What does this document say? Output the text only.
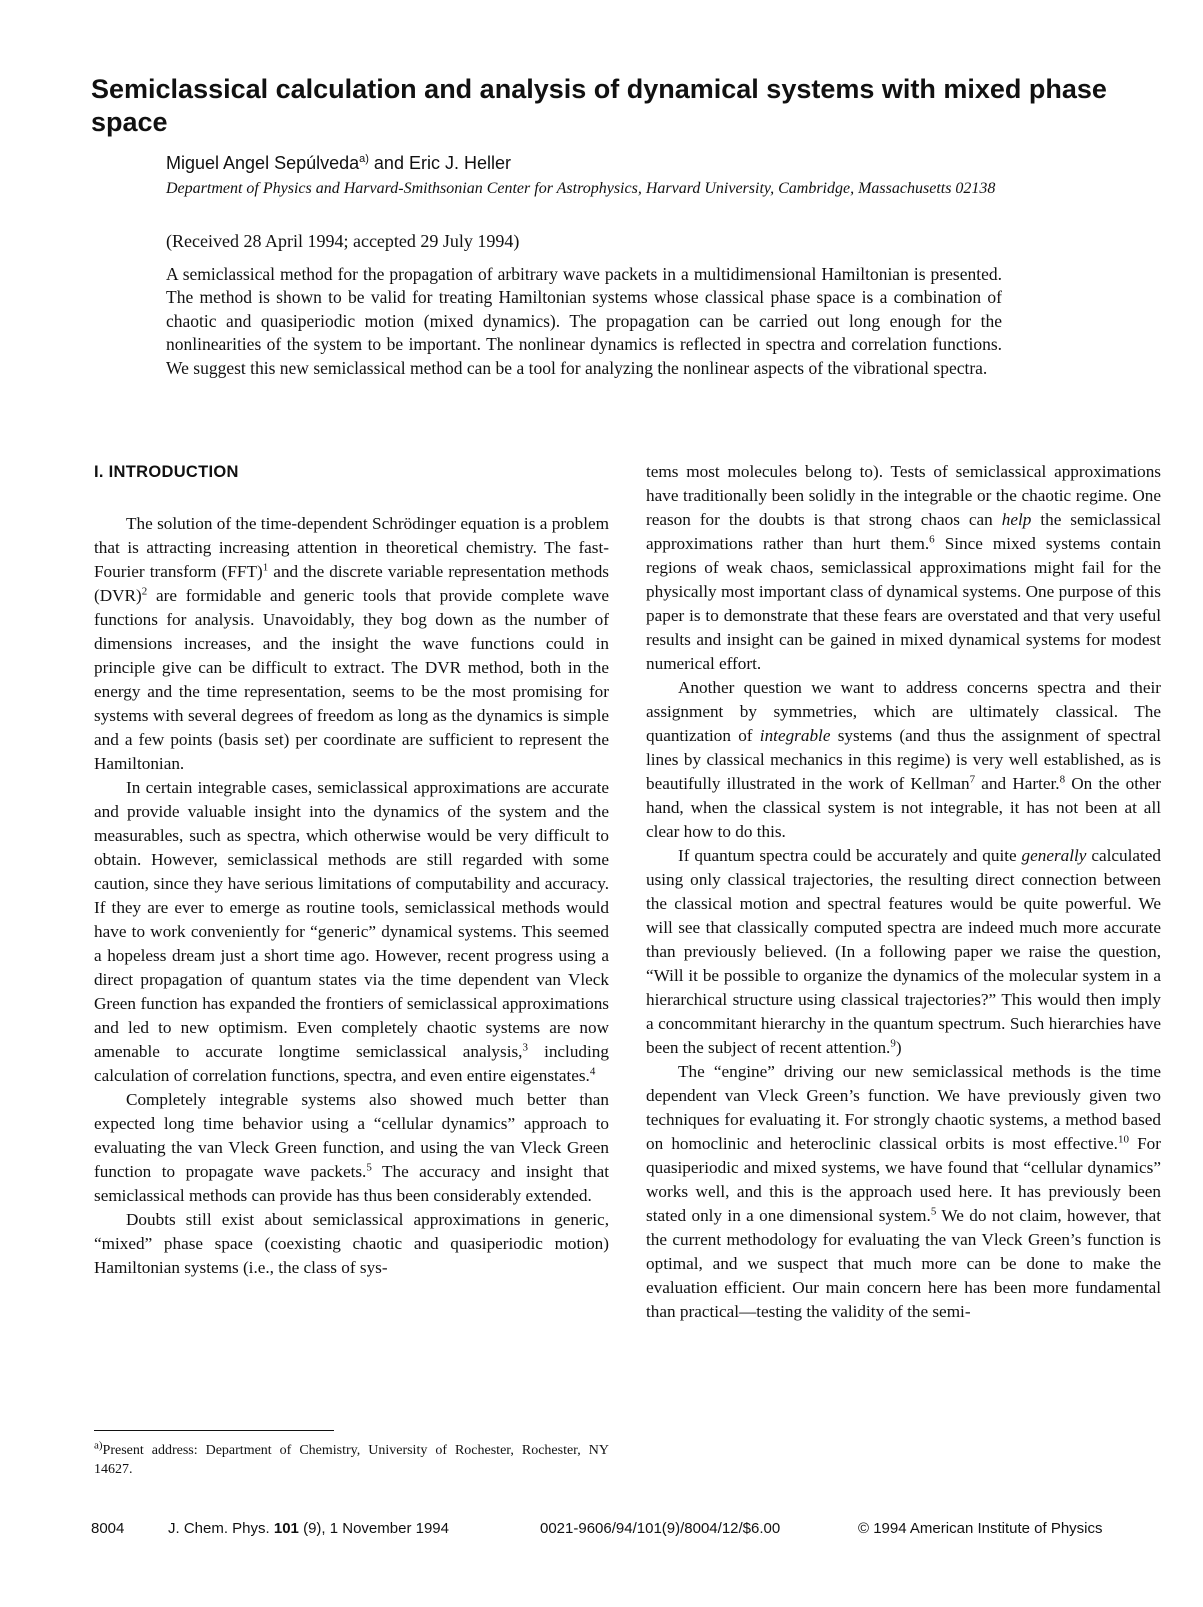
Semiclassical calculation and analysis of dynamical systems with mixed phase space
Miguel Angel Sepúlveda$^{a)}$ and Eric J. Heller
Department of Physics and Harvard-Smithsonian Center for Astrophysics, Harvard University, Cambridge, Massachusetts 02138
(Received 28 April 1994; accepted 29 July 1994)

A semiclassical method for the propagation of arbitrary wave packets in a multidimensional Hamiltonian is presented. The method is shown to be valid for treating Hamiltonian systems whose classical phase space is a combination of chaotic and quasiperiodic motion (mixed dynamics). The propagation can be carried out long enough for the nonlinearities of the system to be important. The nonlinear dynamics is reflected in spectra and correlation functions. We suggest this new semiclassical method can be a tool for analyzing the nonlinear aspects of the vibrational spectra.

I. INTRODUCTION

The solution of the time-dependent Schrödinger equation is a problem that is attracting increasing attention in theoretical chemistry. The fast-Fourier transform (FFT)$^1$ and the discrete variable representation methods (DVR)$^2$ are formidable and generic tools that provide complete wave functions for analysis. Unavoidably, they bog down as the number of dimensions increases, and the insight the wave functions could in principle give can be difficult to extract. The DVR method, both in the energy and the time representation, seems to be the most promising for systems with several degrees of freedom as long as the dynamics is simple and a few points (basis set) per coordinate are sufficient to represent the Hamiltonian.

In certain integrable cases, semiclassical approximations are accurate and provide valuable insight into the dynamics of the system and the measurables, such as spectra, which otherwise would be very difficult to obtain. However, semiclassical methods are still regarded with some caution, since they have serious limitations of computability and accuracy. If they are ever to emerge as routine tools, semiclassical methods would have to work conveniently for “generic” dynamical systems. This seemed a hopeless dream just a short time ago. However, recent progress using a direct propagation of quantum states via the time dependent van Vleck Green function has expanded the frontiers of semiclassical approximations and led to new optimism. Even completely chaotic systems are now amenable to accurate longtime semiclassical analysis,$^3$ including calculation of correlation functions, spectra, and even entire eigenstates.$^4$

Completely integrable systems also showed much better than expected long time behavior using a “cellular dynamics” approach to evaluating the van Vleck Green function, and using the van Vleck Green function to propagate wave packets.$^5$ The accuracy and insight that semiclassical methods can provide has thus been considerably extended.

Doubts still exist about semiclassical approximations in generic, “mixed” phase space (coexisting chaotic and quasiperiodic motion) Hamiltonian systems (i.e., the class of sys-

tems most molecules belong to). Tests of semiclassical approximations have traditionally been solidly in the integrable or the chaotic regime. One reason for the doubts is that strong chaos can help the semiclassical approximations rather than hurt them.$^6$ Since mixed systems contain regions of weak chaos, semiclassical approximations might fail for the physically most important class of dynamical systems. One purpose of this paper is to demonstrate that these fears are overstated and that very useful results and insight can be gained in mixed dynamical systems for modest numerical effort.

Another question we want to address concerns spectra and their assignment by symmetries, which are ultimately classical. The quantization of integrable systems (and thus the assignment of spectral lines by classical mechanics in this regime) is very well established, as is beautifully illustrated in the work of Kellman$^7$ and Harter.$^8$ On the other hand, when the classical system is not integrable, it has not been at all clear how to do this.

If quantum spectra could be accurately and quite generally calculated using only classical trajectories, the resulting direct connection between the classical motion and spectral features would be quite powerful. We will see that classically computed spectra are indeed much more accurate than previously believed. (In a following paper we raise the question, “Will it be possible to organize the dynamics of the molecular system in a hierarchical structure using classical trajectories?” This would then imply a concommitant hierarchy in the quantum spectrum. Such hierarchies have been the subject of recent attention.$^9$)

The “engine” driving our new semiclassical methods is the time dependent van Vleck Green’s function. We have previously given two techniques for evaluating it. For strongly chaotic systems, a method based on homoclinic and heteroclinic classical orbits is most effective.$^{10}$ For quasiperiodic and mixed systems, we have found that “cellular dynamics” works well, and this is the approach used here. It has previously been stated only in a one dimensional system.$^5$ We do not claim, however, that the current methodology for evaluating the van Vleck Green’s function is optimal, and we suspect that much more can be done to make the evaluation efficient. Our main concern here has been more fundamental than practical—testing the validity of the semi-

$^{a)}$Present address: Department of Chemistry, University of Rochester, Rochester, NY 14627.
8004	J. Chem. Phys. 101 (9), 1 November 1994	0021-9606/94/101(9)/8004/12/$6.00	© 1994 American Institute of Physics
